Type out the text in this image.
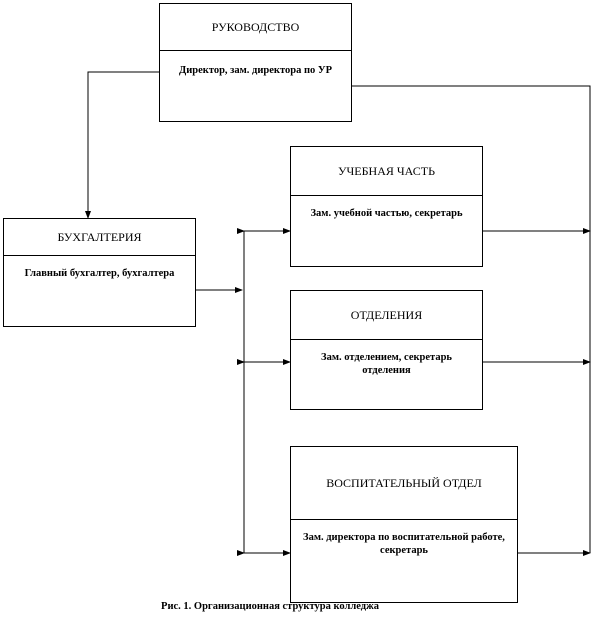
РУКОВОДСТВО
Директор, зам. директора по УР
БУХГАЛТЕРИЯ
Главный бухгалтер, бухгалтера
УЧЕБНАЯ ЧАСТЬ
Зам. учебной частью, секретарь
ОТДЕЛЕНИЯ
Зам. отделением, секретарь отделения
ВОСПИТАТЕЛЬНЫЙ ОТДЕЛ
Зам. директора по воспитательной работе, секретарь
Рис. 1. Организационная структура колледжа
